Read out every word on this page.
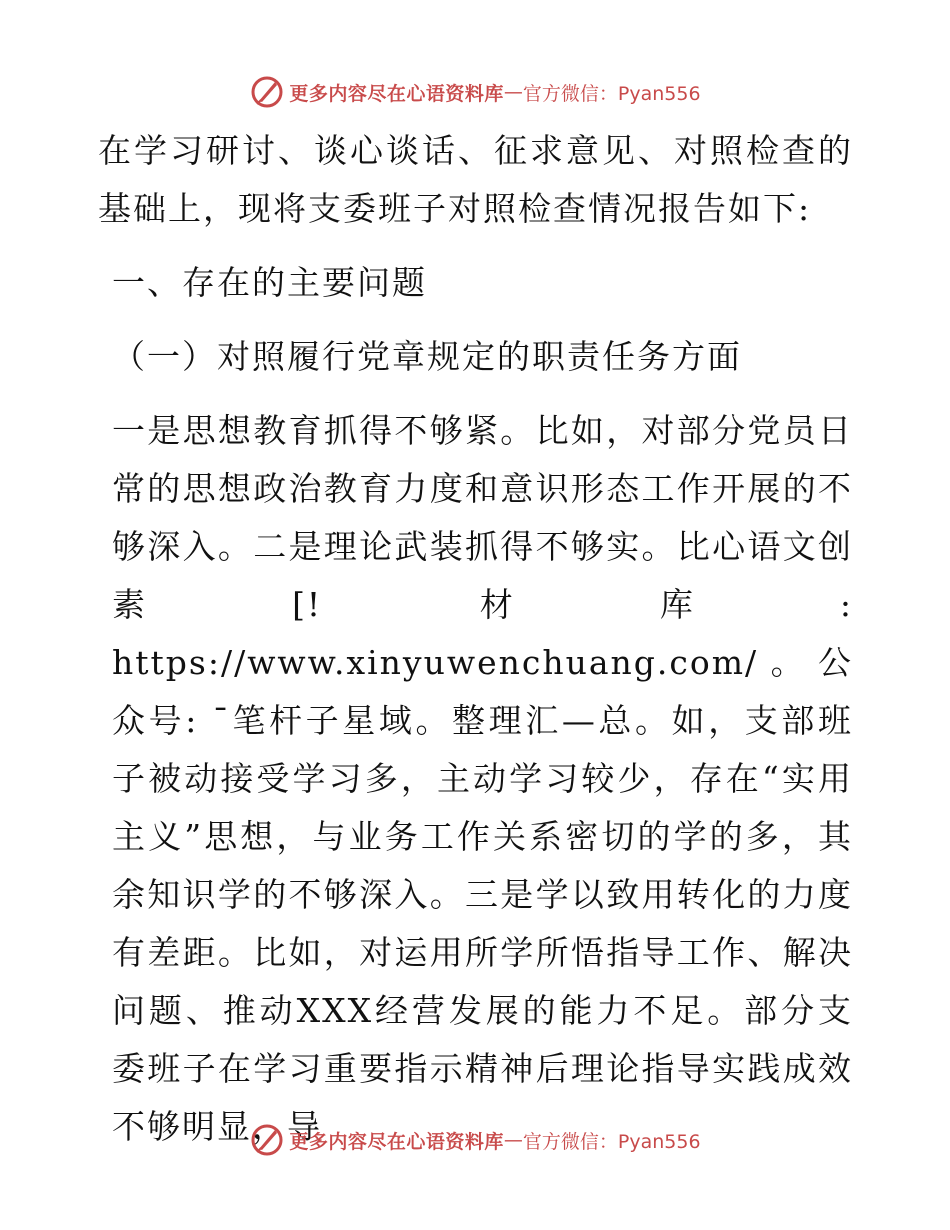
更多内容尽在心语资料库 — 官方微信：Pyan556

在学习研讨、谈心谈话、征求意见、对照检查的基础上，现将支委班子对照检查情况报告如下:

一、存在的主要问题

（一）对照履行党章规定的职责任务方面

一是思想教育抓得不够紧。比如，对部分党员日常的思想政治教育力度和意识形态工作开展的不够深入。二是理论武装抓得不够实。比心语文创素[! 材库: https://www.xinyuwenchuang.com/。公众号: ¯笔杆子星域。整理汇—总。如，支部班子被动接受学习多，主动学习较少，存在“实用主义”思想，与业务工作关系密切的学的多，其余知识学的不够深入。三是学以致用转化的力度有差距。比如，对运用所学所悟指导工作、解决问题、推动XXX经营发展的能力不足。部分支委班子在学习重要指示精神后理论指导实践成效不够明显，导

更多内容尽在心语资料库 — 官方微信：Pyan556
